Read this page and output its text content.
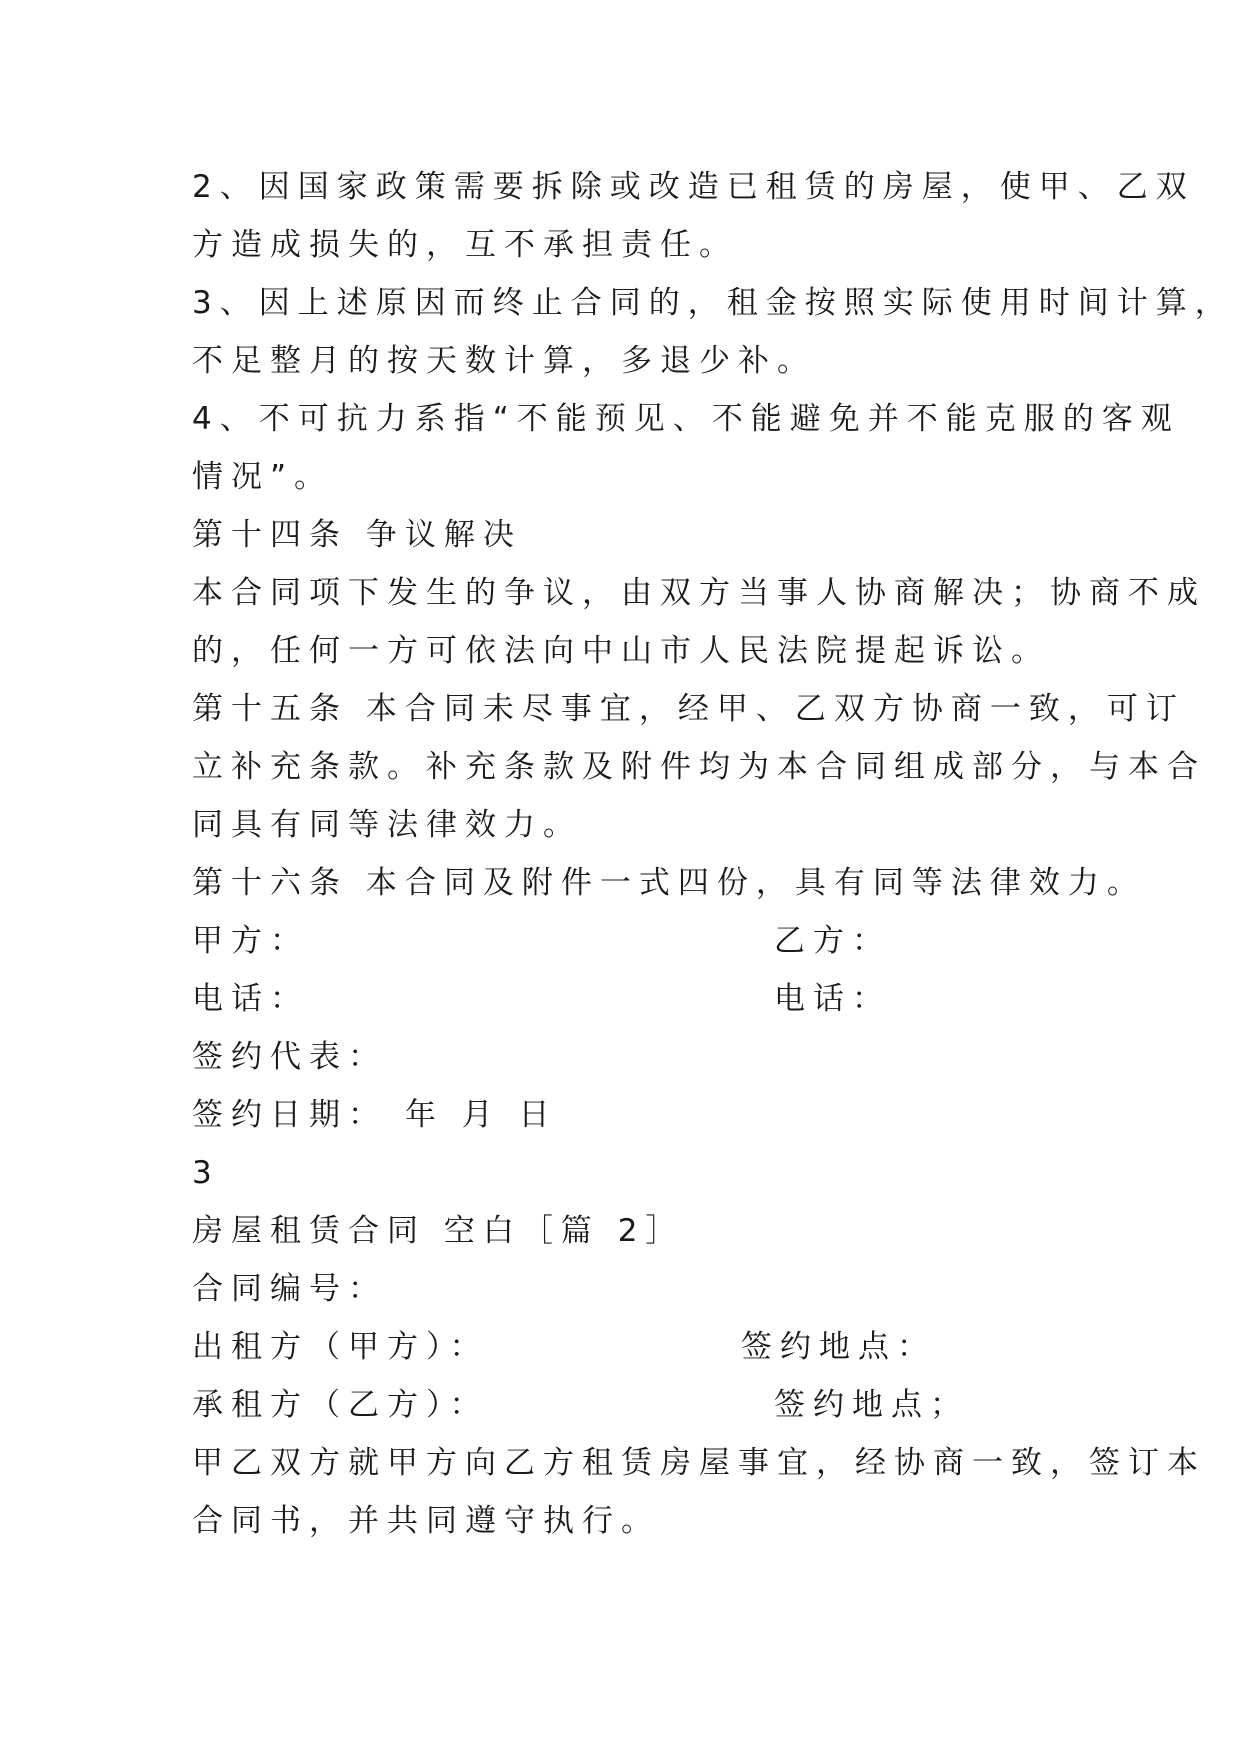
2、因国家政策需要拆除或改造已租赁的房屋，使甲、乙双
方造成损失的，互不承担责任。
3、因上述原因而终止合同的，租金按照实际使用时间计算，
不足整月的按天数计算，多退少补。
4、不可抗力系指“不能预见、不能避免并不能克服的客观
情况”。
第十四条 争议解决
本合同项下发生的争议，由双方当事人协商解决；协商不成
的，任何一方可依法向中山市人民法院提起诉讼。
第十五条 本合同未尽事宜，经甲、乙双方协商一致，可订
立补充条款。补充条款及附件均为本合同组成部分，与本合
同具有同等法律效力。
第十六条 本合同及附件一式四份，具有同等法律效力。
甲方：	乙方：
电话：	电话：
签约代表：
签约日期： 年 月 日
3
房屋租赁合同 空白［篇 2］
合同编号：
出租方（甲方）：	签约地点：
承租方（乙方）：	签约地点；
甲乙双方就甲方向乙方租赁房屋事宜，经协商一致，签订本
合同书，并共同遵守执行。
